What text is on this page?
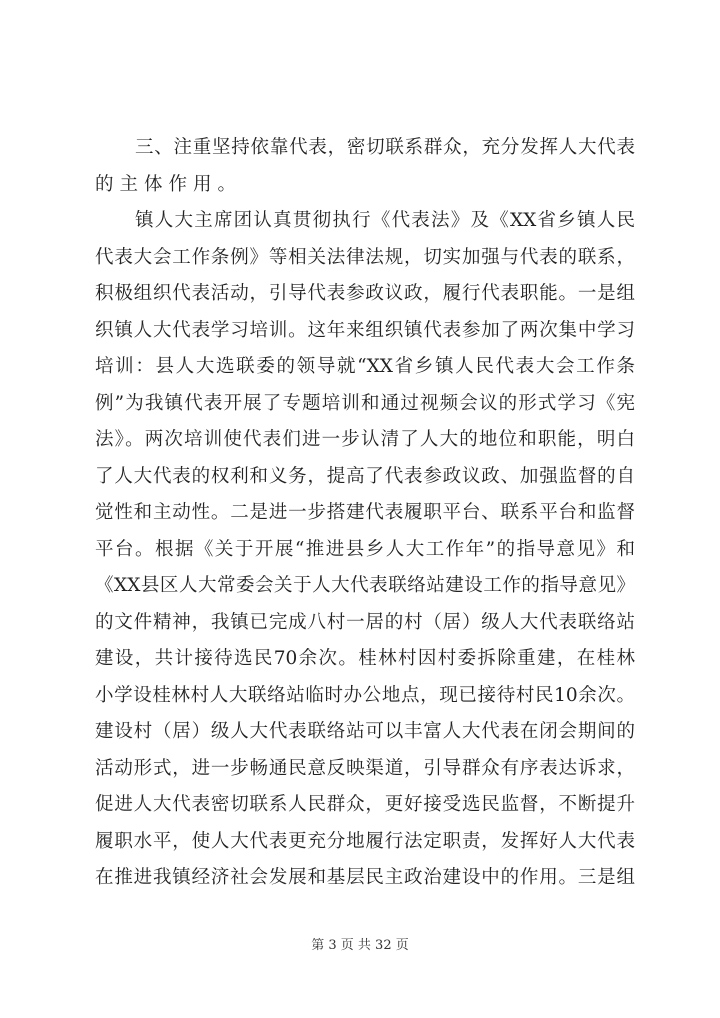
三、注重坚持依靠代表，密切联系群众，充分发挥人大代表
的主体作用。
镇人大主席团认真贯彻执行《代表法》及《XX省乡镇人民
代表大会工作条例》等相关法律法规，切实加强与代表的联系，
积极组织代表活动，引导代表参政议政，履行代表职能。一是组
织镇人大代表学习培训。这年来组织镇代表参加了两次集中学习
培训：县人大选联委的领导就“XX省乡镇人民代表大会工作条
例”为我镇代表开展了专题培训和通过视频会议的形式学习《宪
法》。两次培训使代表们进一步认清了人大的地位和职能，明白
了人大代表的权利和义务，提高了代表参政议政、加强监督的自
觉性和主动性。二是进一步搭建代表履职平台、联系平台和监督
平台。根据《关于开展“推进县乡人大工作年”的指导意见》和
《XX县区人大常委会关于人大代表联络站建设工作的指导意见》
的文件精神，我镇已完成八村一居的村（居）级人大代表联络站
建设，共计接待选民70余次。桂林村因村委拆除重建，在桂林
小学设桂林村人大联络站临时办公地点，现已接待村民10余次。
建设村（居）级人大代表联络站可以丰富人大代表在闭会期间的
活动形式，进一步畅通民意反映渠道，引导群众有序表达诉求，
促进人大代表密切联系人民群众，更好接受选民监督，不断提升
履职水平，使人大代表更充分地履行法定职责，发挥好人大代表
在推进我镇经济社会发展和基层民主政治建设中的作用。三是组
第 3 页 共 32 页
